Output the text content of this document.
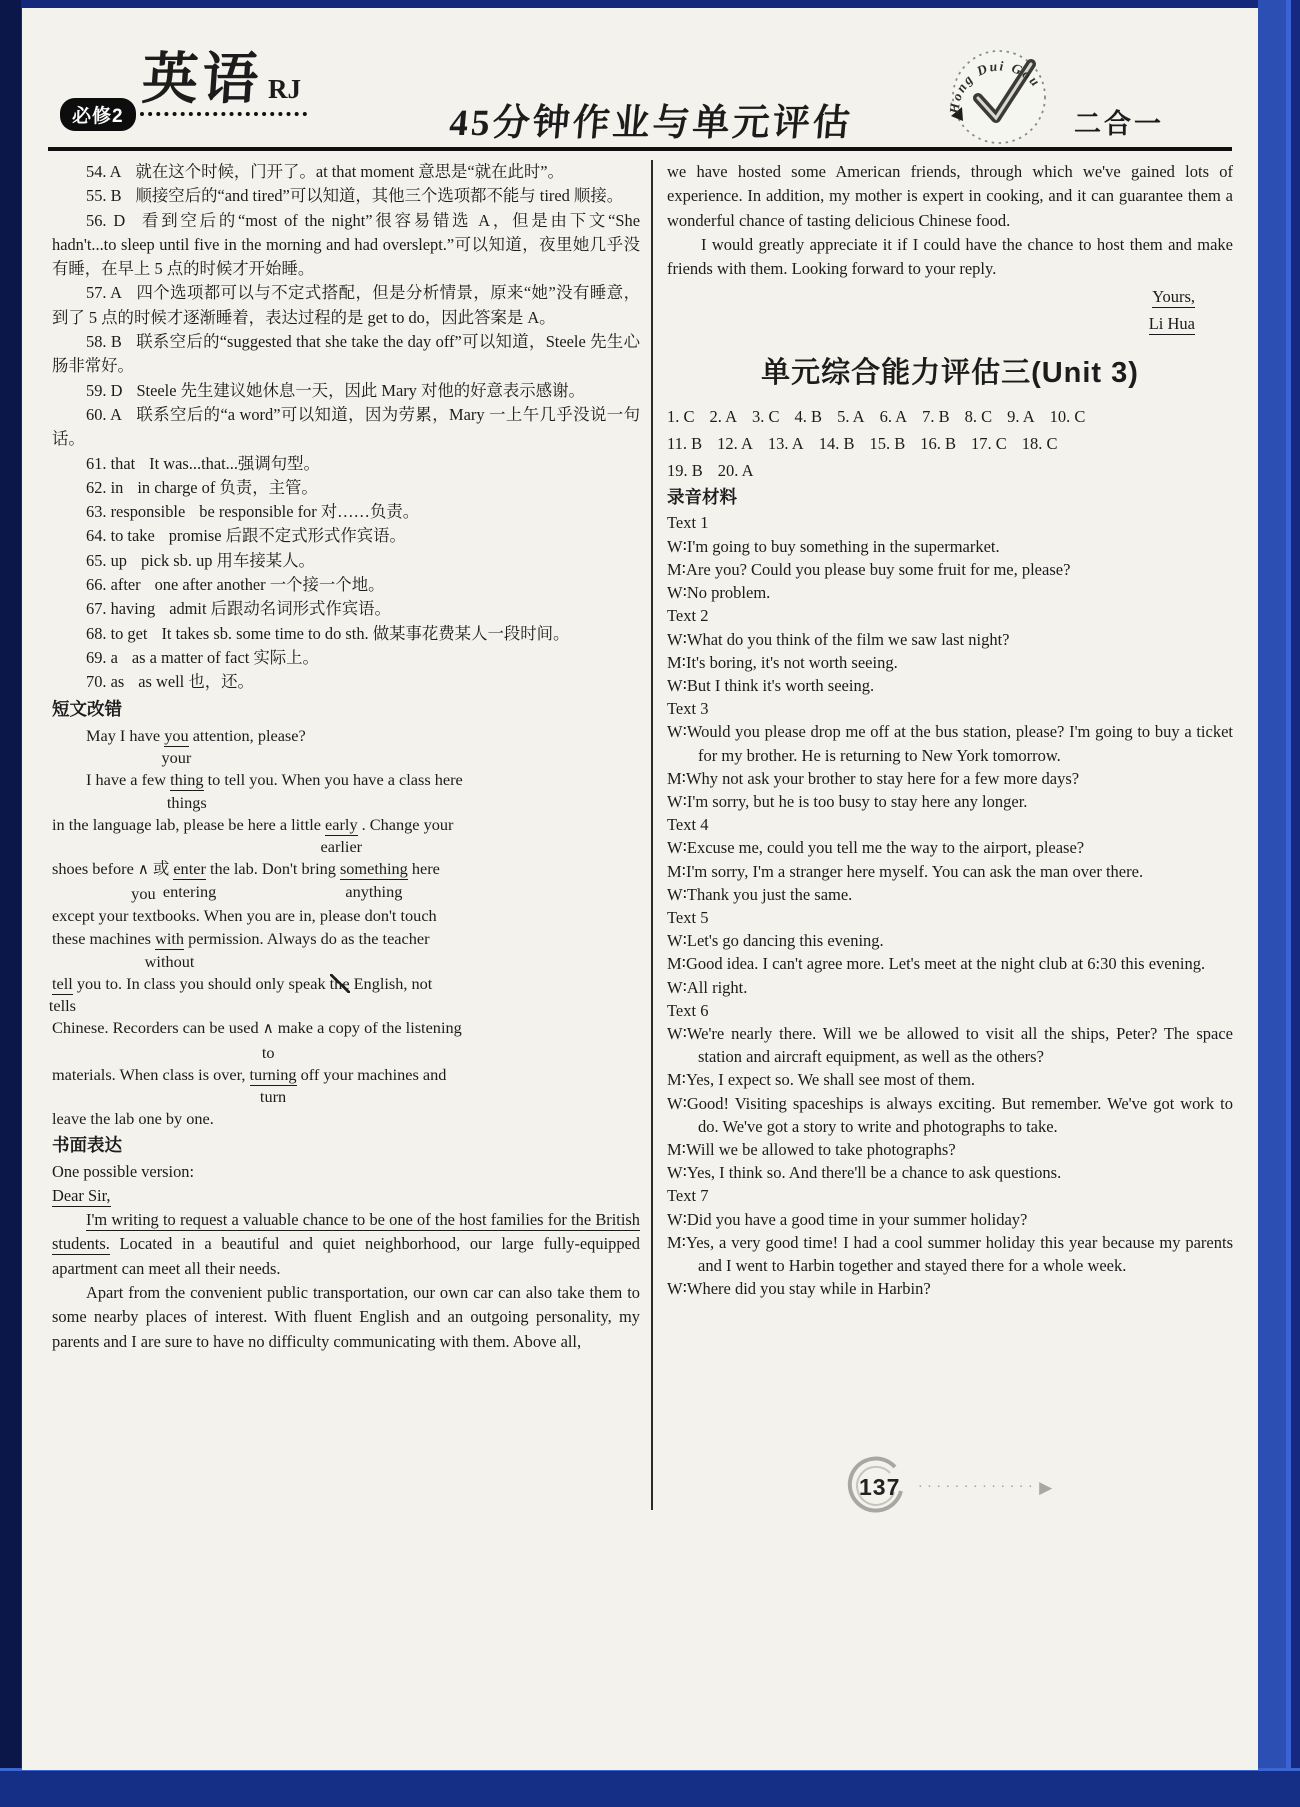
必修2
英语 RJ
45分钟作业与单元评估	Hong Dui Gou
二合一

54. A 就在这个时候，门开了。at that moment 意思是“就在此时”。

55. B 顺接空后的“and tired”可以知道，其他三个选项都不能与 tired 顺接。

56. D 看到空后的“most of the night”很容易错选 A，但是由下文“She hadn't...to sleep until five in the morning and had overslept.”可以知道，夜里她几乎没有睡，在早上 5 点的时候才开始睡。

57. A 四个选项都可以与不定式搭配，但是分析情景，原来“她”没有睡意，到了 5 点的时候才逐渐睡着，表达过程的是 get to do，因此答案是 A。

58. B 联系空后的“suggested that she take the day off”可以知道，Steele 先生心肠非常好。

59. D Steele 先生建议她休息一天，因此 Mary 对他的好意表示感谢。

60. A 联系空后的“a word”可以知道，因为劳累，Mary 一上午几乎没说一句话。

61. that It was...that...强调句型。

62. in in charge of 负责，主管。

63. responsible be responsible for 对……负责。

64. to take promise 后跟不定式形式作宾语。

65. up pick sb. up 用车接某人。

66. after one after another 一个接一个地。

67. having admit 后跟动名词形式作宾语。

68. to get It takes sb. some time to do sth. 做某事花费某人一段时间。

69. a as a matter of fact 实际上。

70. as as well 也，还。

短文改错
May I have you
your
attention, please?
I have a few thing
things
to tell you. When you have a class here
in the language lab, please be here a little early
earlier
. Change your
shoes before ∧
you
或 enter
entering
the lab. Don't bring something
anything
here
except your textbooks. When you are in, please don't touch
these machines with
without
permission. Always do as the teacher
tell
tells
you to. In class you should only speak the English, not
Chinese. Recorders can be used ∧
to
make a copy of the listening
materials. When class is over, turning
turn
off your machines and
leave the lab one by one.
书面表达
One possible version:
Dear Sir,

I'm writing to request a valuable chance to be one of the host families for the British students. Located in a beautiful and quiet neighborhood, our large fully-equipped apartment can meet all their needs.

Apart from the convenient public transportation, our own car can also take them to some nearby places of interest. With fluent English and an outgoing personality, my parents and I are sure to have no difficulty communicating with them. Above all,

we have hosted some American friends, through which we've gained lots of experience. In addition, my mother is expert in cooking, and it can guarantee them a wonderful chance of tasting delicious Chinese food.

I would greatly appreciate it if I could have the chance to host them and make friends with them. Looking forward to your reply.

Yours,
Li Hua
单元综合能力评估三(Unit 3)
1. C 2. A 3. C 4. B 5. A 6. A 7. B 8. C 9. A 10. C
11. B 12. A 13. A 14. B 15. B 16. B 17. C 18. C
19. B 20. A
录音材料
Text 1
W ∶ I'm going to buy something in the supermarket.
M ∶ Are you? Could you please buy some fruit for me, please?
W ∶ No problem.
Text 2
W ∶ What do you think of the film we saw last night?
M ∶ It's boring, it's not worth seeing.
W ∶ But I think it's worth seeing.
Text 3
W ∶ Would you please drop me off at the bus station, please? I'm going to buy a ticket for my brother. He is returning to New York tomorrow.
M ∶ Why not ask your brother to stay here for a few more days?
W ∶ I'm sorry, but he is too busy to stay here any longer.
Text 4
W ∶ Excuse me, could you tell me the way to the airport, please?
M ∶ I'm sorry, I'm a stranger here myself. You can ask the man over there.
W ∶ Thank you just the same.
Text 5
W ∶ Let's go dancing this evening.
M ∶ Good idea. I can't agree more. Let's meet at the night club at 6:30 this evening.
W ∶ All right.
Text 6
W ∶ We're nearly there. Will we be allowed to visit all the ships, Peter? The space station and aircraft equipment, as well as the others?
M ∶ Yes, I expect so. We shall see most of them.
W ∶ Good! Visiting spaceships is always exciting. But remember. We've got work to do. We've got a story to write and photographs to take.
M ∶ Will we be allowed to take photographs?
W ∶ Yes, I think so. And there'll be a chance to ask questions.
Text 7
W ∶ Did you have a good time in your summer holiday?
M ∶ Yes, a very good time! I had a cool summer holiday this year because my parents and I went to Harbin together and stayed there for a whole week.
W ∶ Where did you stay while in Harbin?
137 ·····	▶
